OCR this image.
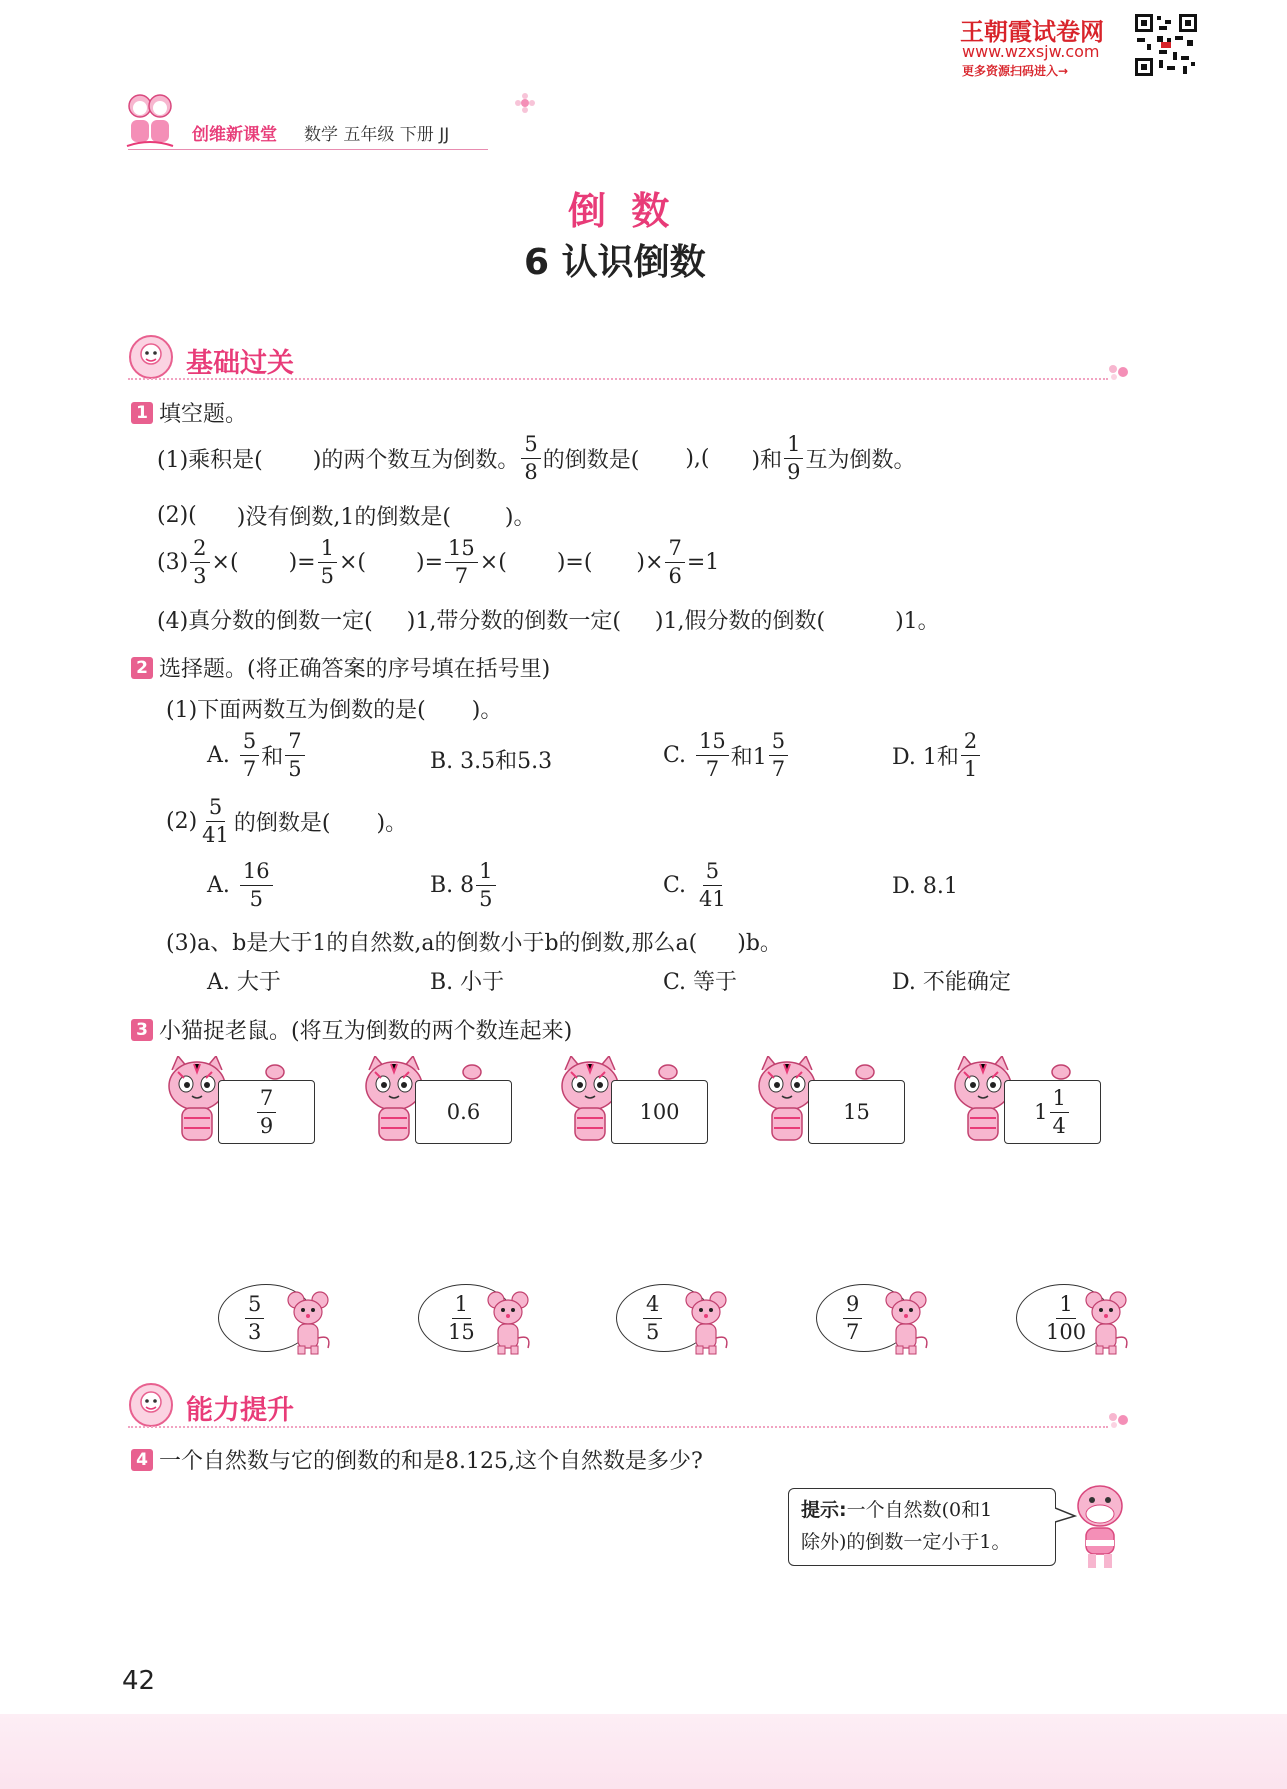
创维新课堂 数学 五年级 下册 JJ
王朝霞试卷网
www.wzxsjw.com
更多资源扫码进入→
倒 数
6 认识倒数
基础过关
1 填空题。
(1)乘积是( )的两个数互为倒数。 $\frac{5}{8}$ 的倒数是( ),( )和 $\frac{1}{9}$ 互为倒数。
(2)( )没有倒数,1的倒数是( )。
$(3) \frac{2}{3}$ ×( )= $\frac{1}{5}$ ×( )= $\frac{15}{7}$ ×( )=( )× $\frac{7}{6} =1$
(4)真分数的倒数一定( )1,带分数的倒数一定( )1,假分数的倒数(	)1。
2 选择题。(将正确答案的序号填在括号里)
(1)下面两数互为倒数的是( )。
A. $\frac{5}{7}$ 和 $\frac{7}{5}$	B. 3.5和5.3	C. $\frac{15}{7}$ 和$1 \frac{5}{7}$	D. 1和 $\frac{2}{1}$
$(2) \frac{5}{41}$ 的倒数是( )。
A. $\frac{16}{5}$	B. $8 \frac{1}{5}$	C. $\frac{5}{41}$	D. 8.1
(3)a、b是大于1的自然数,a的倒数小于b的倒数,那么a( )b。
A. 大于	B. 小于	C. 等于	D. 不能确定
3 小猫捉老鼠。(将互为倒数的两个数连起来)
$\frac{7}{9}$	0.6	100	15	$1 \frac{1}{4}$
$\frac{5}{3}$	$\frac{1}{15}$	$\frac{4}{5}$	$\frac{9}{7}$	$\frac{1}{100}$
能力提升
4 一个自然数与它的倒数的和是8.125,这个自然数是多少?
提示:一个自然数(0和1
除外)的倒数一定小于1。
42
